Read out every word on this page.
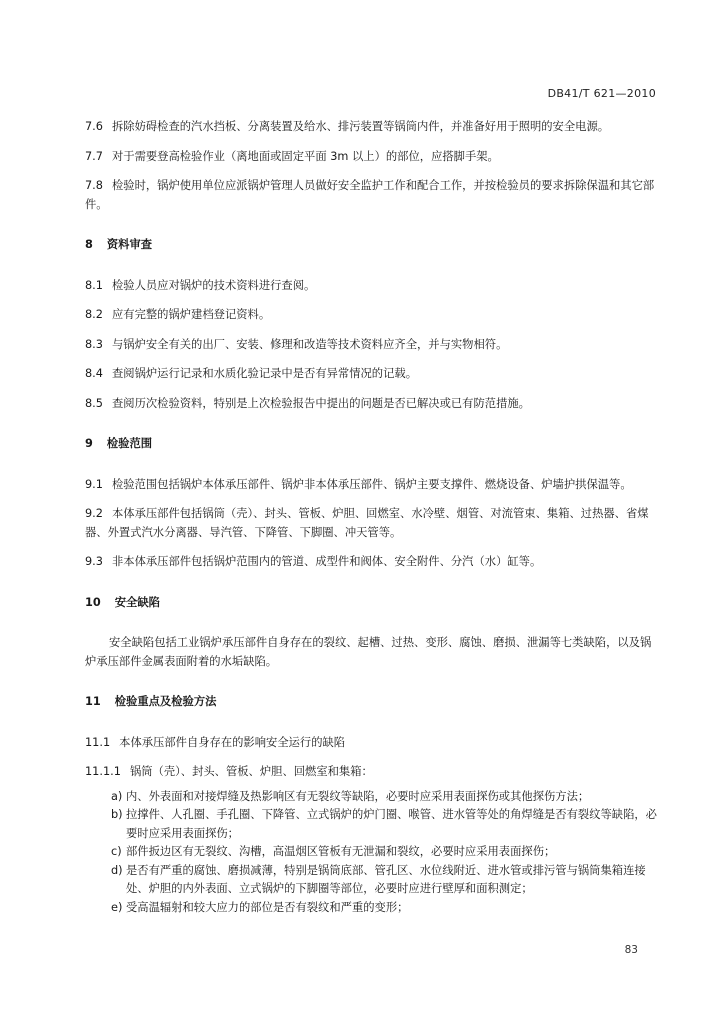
DB41/T 621—2010

7.6 拆除妨碍检查的汽水挡板、分离装置及给水、排污装置等锅筒内件，并准备好用于照明的安全电源。

7.7 对于需要登高检验作业（离地面或固定平面 3m 以上）的部位，应搭脚手架。

7.8 检验时，锅炉使用单位应派锅炉管理人员做好安全监护工作和配合工作，并按检验员的要求拆除保温和其它部件。

8 资料审查

8.1 检验人员应对锅炉的技术资料进行查阅。

8.2 应有完整的锅炉建档登记资料。

8.3 与锅炉安全有关的出厂、安装、修理和改造等技术资料应齐全，并与实物相符。

8.4 查阅锅炉运行记录和水质化验记录中是否有异常情况的记载。

8.5 查阅历次检验资料，特别是上次检验报告中提出的问题是否已解决或已有防范措施。

9 检验范围

9.1 检验范围包括锅炉本体承压部件、锅炉非本体承压部件、锅炉主要支撑件、燃烧设备、炉墙护拱保温等。

9.2 本体承压部件包括锅筒（壳）、封头、管板、炉胆、回燃室、水冷壁、烟管、对流管束、集箱、过热器、省煤器、外置式汽水分离器、导汽管、下降管、下脚圈、冲天管等。

9.3 非本体承压部件包括锅炉范围内的管道、成型件和阀体、安全附件、分汽（水）缸等。

10 安全缺陷

安全缺陷包括工业锅炉承压部件自身存在的裂纹、起槽、过热、变形、腐蚀、磨损、泄漏等七类缺陷，以及锅炉承压部件金属表面附着的水垢缺陷。

11 检验重点及检验方法

11.1 本体承压部件自身存在的影响安全运行的缺陷

11.1.1 锅筒（壳）、封头、管板、炉胆、回燃室和集箱：

a) 内、外表面和对接焊缝及热影响区有无裂纹等缺陷，必要时应采用表面探伤或其他探伤方法；
b) 拉撑件、人孔圈、手孔圈、下降管、立式锅炉的炉门圈、喉管、进水管等处的角焊缝是否有裂纹等缺陷，必要时应采用表面探伤；
c) 部件扳边区有无裂纹、沟槽，高温烟区管板有无泄漏和裂纹，必要时应采用表面探伤；
d) 是否有严重的腐蚀、磨损减薄，特别是锅筒底部、管孔区、水位线附近、进水管或排污管与锅筒集箱连接处、炉胆的内外表面、立式锅炉的下脚圈等部位，必要时应进行壁厚和面积测定；
e) 受高温辐射和较大应力的部位是否有裂纹和严重的变形；
83
